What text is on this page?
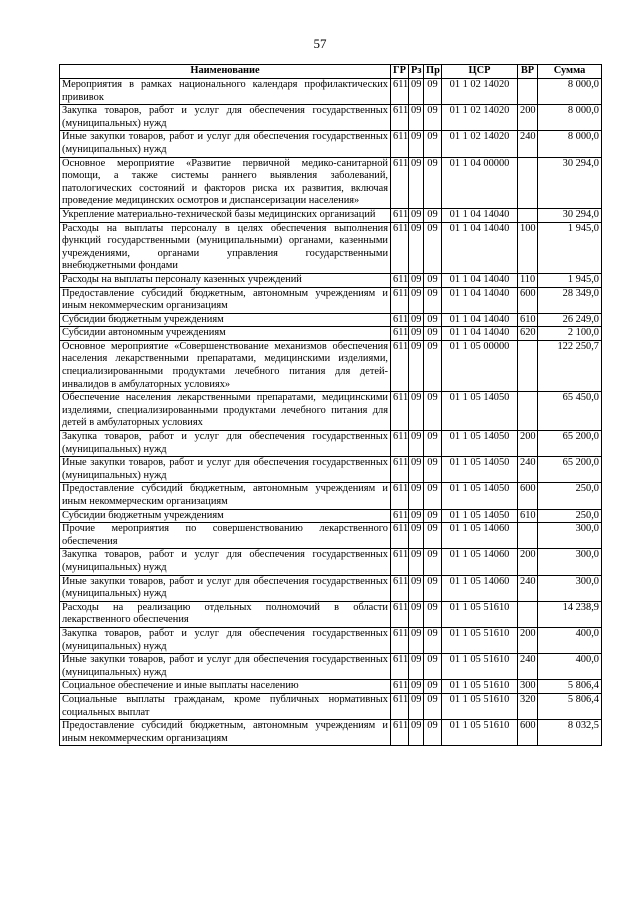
57
Наименование	ГР	Рз	Пр	ЦСР	ВР	Сумма
Мероприятия в рамках национального календаря профилактических прививок	611	09	09	01 1 02 14020		8 000,0
Закупка товаров, работ и услуг для обеспечения государственных (муниципальных) нужд	611	09	09	01 1 02 14020	200	8 000,0
Иные закупки товаров, работ и услуг для обеспечения государственных (муниципальных) нужд	611	09	09	01 1 02 14020	240	8 000,0
Основное мероприятие «Развитие первичной медико-санитарной помощи, а также системы раннего выявления заболеваний, патологических состояний и факторов риска их развития, включая проведение медицинских осмотров и диспансеризации населения»	611	09	09	01 1 04 00000		30 294,0
Укрепление материально-технической базы медицинских организаций	611	09	09	01 1 04 14040		30 294,0
Расходы на выплаты персоналу в целях обеспечения выполнения функций государственными (муниципальными) органами, казенными учреждениями, органами управления государственными внебюджетными фондами	611	09	09	01 1 04 14040	100	1 945,0
Расходы на выплаты персоналу казенных учреждений	611	09	09	01 1 04 14040	110	1 945,0
Предоставление субсидий бюджетным, автономным учреждениям и иным некоммерческим организациям	611	09	09	01 1 04 14040	600	28 349,0
Субсидии бюджетным учреждениям	611	09	09	01 1 04 14040	610	26 249,0
Субсидии автономным учреждениям	611	09	09	01 1 04 14040	620	2 100,0
Основное мероприятие «Совершенствование механизмов обеспечения населения лекарственными препаратами, медицинскими изделиями, специализированными продуктами лечебного питания для детей-инвалидов в амбулаторных условиях»	611	09	09	01 1 05 00000		122 250,7
Обеспечение населения лекарственными препаратами, медицинскими изделиями, специализированными продуктами лечебного питания для детей в амбулаторных условиях	611	09	09	01 1 05 14050		65 450,0
Закупка товаров, работ и услуг для обеспечения государственных (муниципальных) нужд	611	09	09	01 1 05 14050	200	65 200,0
Иные закупки товаров, работ и услуг для обеспечения государственных (муниципальных) нужд	611	09	09	01 1 05 14050	240	65 200,0
Предоставление субсидий бюджетным, автономным учреждениям и иным некоммерческим организациям	611	09	09	01 1 05 14050	600	250,0
Субсидии бюджетным учреждениям	611	09	09	01 1 05 14050	610	250,0
Прочие мероприятия по совершенствованию лекарственного обеспечения	611	09	09	01 1 05 14060		300,0
Закупка товаров, работ и услуг для обеспечения государственных (муниципальных) нужд	611	09	09	01 1 05 14060	200	300,0
Иные закупки товаров, работ и услуг для обеспечения государственных (муниципальных) нужд	611	09	09	01 1 05 14060	240	300,0
Расходы на реализацию отдельных полномочий в области лекарственного обеспечения	611	09	09	01 1 05 51610		14 238,9
Закупка товаров, работ и услуг для обеспечения государственных (муниципальных) нужд	611	09	09	01 1 05 51610	200	400,0
Иные закупки товаров, работ и услуг для обеспечения государственных (муниципальных) нужд	611	09	09	01 1 05 51610	240	400,0
Социальное обеспечение и иные выплаты населению	611	09	09	01 1 05 51610	300	5 806,4
Социальные выплаты гражданам, кроме публичных нормативных социальных выплат	611	09	09	01 1 05 51610	320	5 806,4
Предоставление субсидий бюджетным, автономным учреждениям и иным некоммерческим организациям	611	09	09	01 1 05 51610	600	8 032,5
